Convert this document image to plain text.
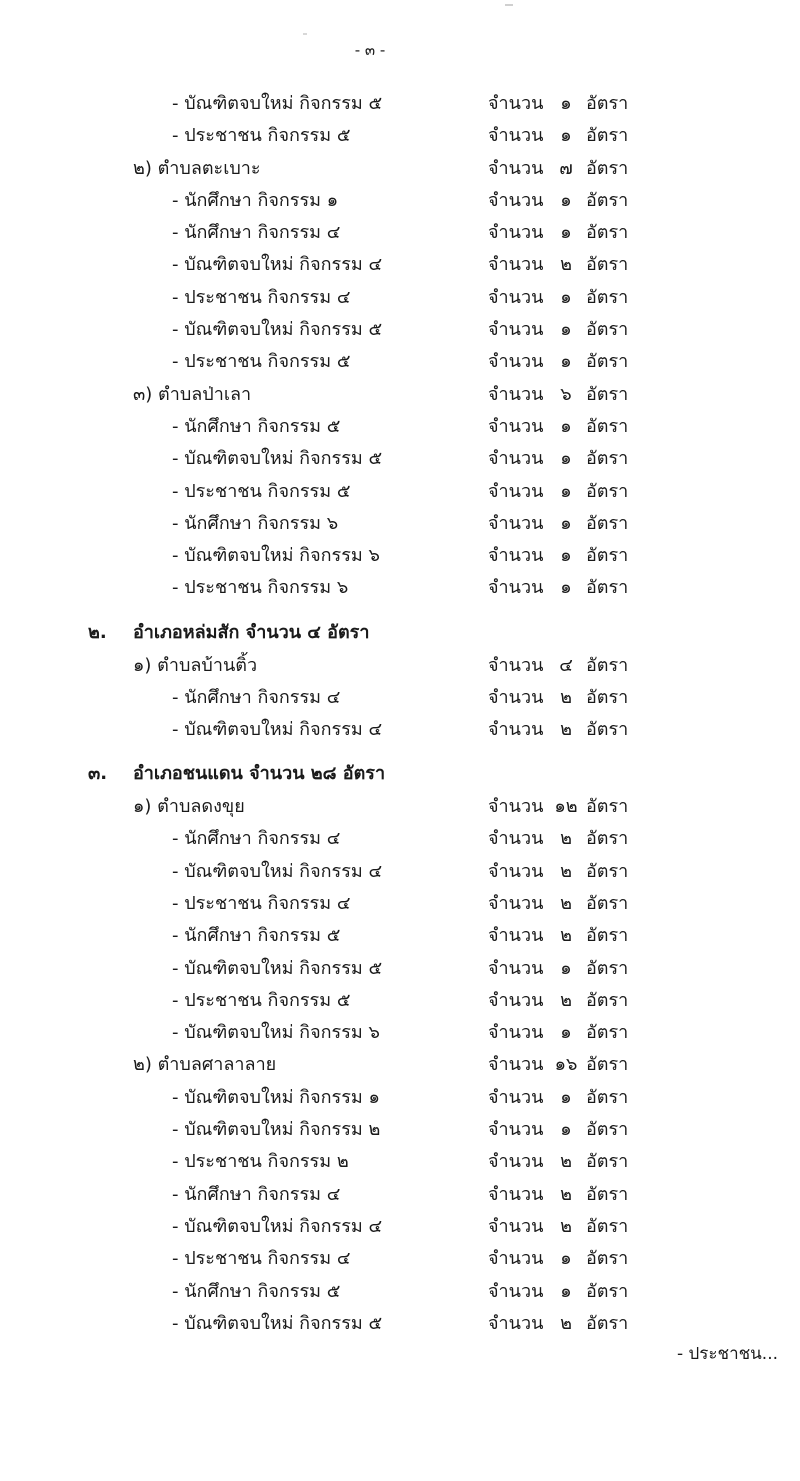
- ๓ -
- บัณฑิตจบใหม่ กิจกรรม ๕	จำนวน ๑ อัตรา
- ประชาชน กิจกรรม ๕	จำนวน ๑ อัตรา
๒) ตำบลตะเบาะ	จำนวน ๗ อัตรา
- นักศึกษา กิจกรรม ๑	จำนวน ๑ อัตรา
- นักศึกษา กิจกรรม ๔	จำนวน ๑ อัตรา
- บัณฑิตจบใหม่ กิจกรรม ๔	จำนวน ๒ อัตรา
- ประชาชน กิจกรรม ๔	จำนวน ๑ อัตรา
- บัณฑิตจบใหม่ กิจกรรม ๕	จำนวน ๑ อัตรา
- ประชาชน กิจกรรม ๕	จำนวน ๑ อัตรา
๓) ตำบลป่าเลา	จำนวน ๖ อัตรา
- นักศึกษา กิจกรรม ๕	จำนวน ๑ อัตรา
- บัณฑิตจบใหม่ กิจกรรม ๕	จำนวน ๑ อัตรา
- ประชาชน กิจกรรม ๕	จำนวน ๑ อัตรา
- นักศึกษา กิจกรรม ๖	จำนวน ๑ อัตรา
- บัณฑิตจบใหม่ กิจกรรม ๖	จำนวน ๑ อัตรา
- ประชาชน กิจกรรม ๖	จำนวน ๑ อัตรา
๒. อำเภอหล่มสัก จำนวน ๔ อัตรา
๑) ตำบลบ้านติ้ว	จำนวน ๔ อัตรา
- นักศึกษา กิจกรรม ๔	จำนวน ๒ อัตรา
- บัณฑิตจบใหม่ กิจกรรม ๔	จำนวน ๒ อัตรา
๓. อำเภอชนแดน จำนวน ๒๘ อัตรา
๑) ตำบลดงขุย	จำนวน ๑๒ อัตรา
- นักศึกษา กิจกรรม ๔	จำนวน ๒ อัตรา
- บัณฑิตจบใหม่ กิจกรรม ๔	จำนวน ๒ อัตรา
- ประชาชน กิจกรรม ๔	จำนวน ๒ อัตรา
- นักศึกษา กิจกรรม ๕	จำนวน ๒ อัตรา
- บัณฑิตจบใหม่ กิจกรรม ๕	จำนวน ๑ อัตรา
- ประชาชน กิจกรรม ๕	จำนวน ๒ อัตรา
- บัณฑิตจบใหม่ กิจกรรม ๖	จำนวน ๑ อัตรา
๒) ตำบลศาลาลาย	จำนวน ๑๖ อัตรา
- บัณฑิตจบใหม่ กิจกรรม ๑	จำนวน ๑ อัตรา
- บัณฑิตจบใหม่ กิจกรรม ๒	จำนวน ๑ อัตรา
- ประชาชน กิจกรรม ๒	จำนวน ๒ อัตรา
- นักศึกษา กิจกรรม ๔	จำนวน ๒ อัตรา
- บัณฑิตจบใหม่ กิจกรรม ๔	จำนวน ๒ อัตรา
- ประชาชน กิจกรรม ๔	จำนวน ๑ อัตรา
- นักศึกษา กิจกรรม ๕	จำนวน ๑ อัตรา
- บัณฑิตจบใหม่ กิจกรรม ๕	จำนวน ๒ อัตรา
- ประชาชน...
